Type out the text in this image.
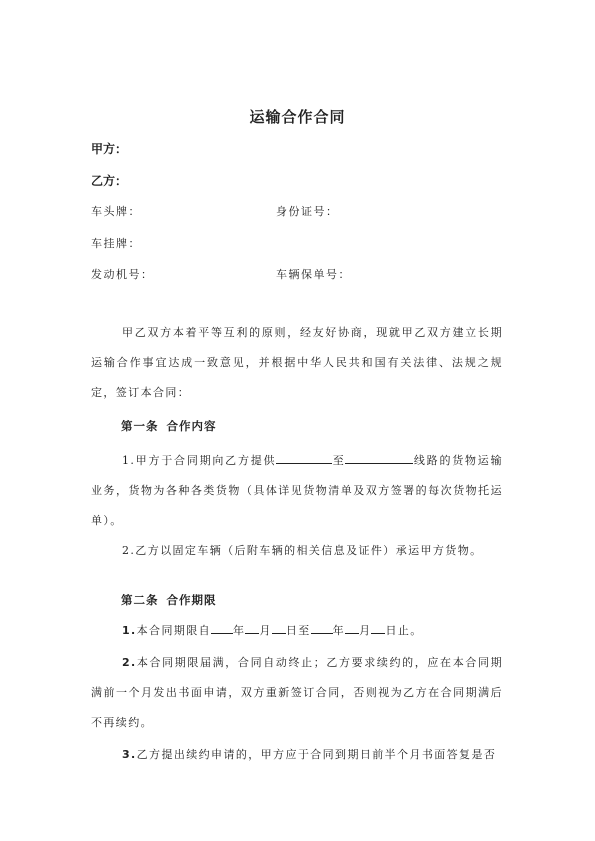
运输合作合同
甲方：
乙方：
车头牌：	身份证号：
车挂牌：
发动机号：	车辆保单号：
甲乙双方本着平等互利的原则，经友好协商，现就甲乙双方建立长期运输合作事宜达成一致意见，并根据中华人民共和国有关法律、法规之规定，签订本合同：
第一条 合作内容
1.甲方于合同期向乙方提供	至	线路的货物运输业务，货物为各种各类货物（具体详见货物清单及双方签署的每次货物托运单）。
2.乙方以固定车辆（后附车辆的相关信息及证件）承运甲方货物。
第二条 合作期限
1.本合同期限自 年 月 日至 年 月 日止。
2.本合同期限届满，合同自动终止；乙方要求续约的，应在本合同期满前一个月发出书面申请，双方重新签订合同，否则视为乙方在合同期满后不再续约。
3.乙方提出续约申请的，甲方应于合同到期日前半个月书面答复是否
